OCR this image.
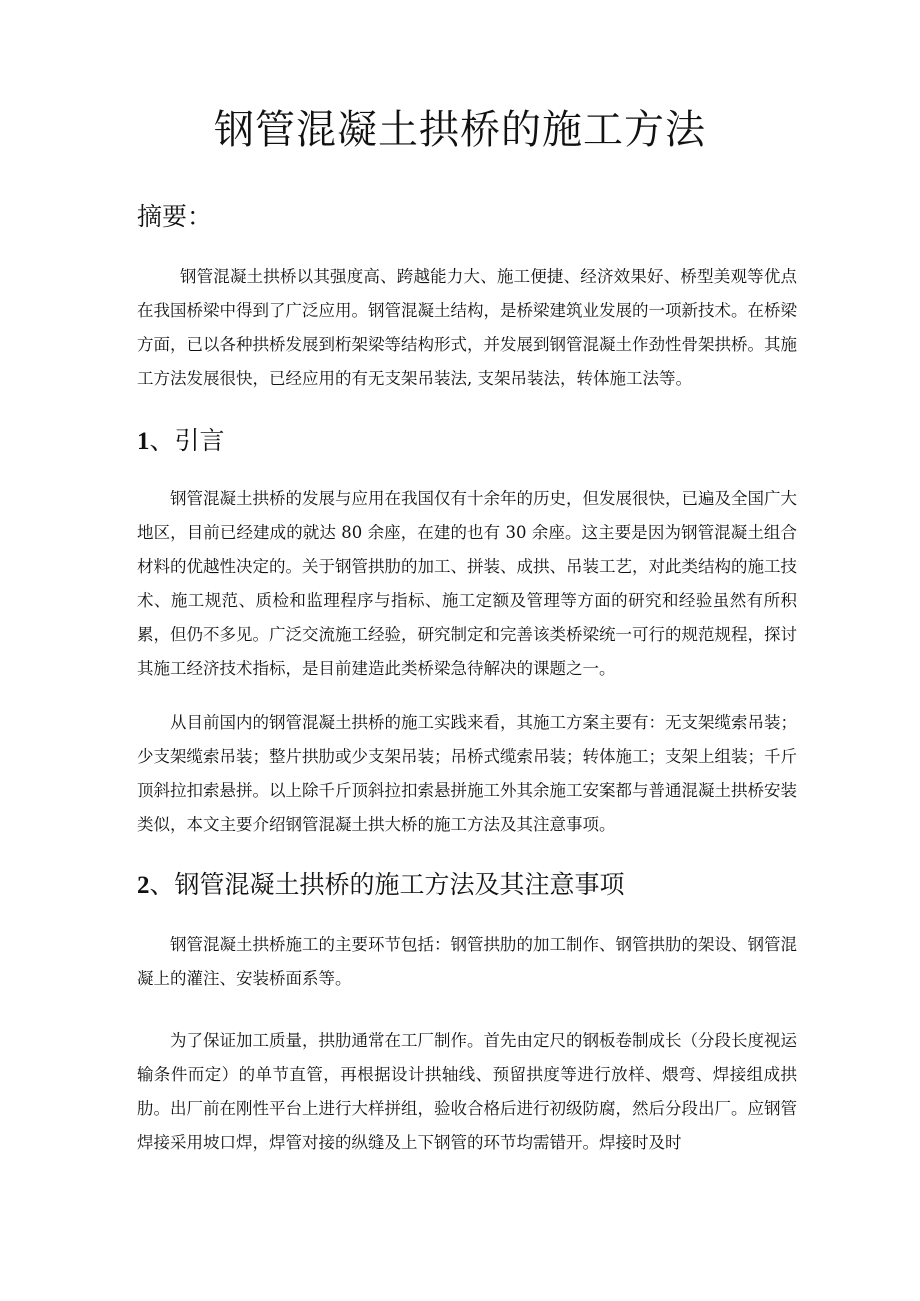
钢管混凝土拱桥的施工方法
摘要：

钢管混凝土拱桥以其强度高、跨越能力大、施工便捷、经济效果好、桥型美观等优点在我国桥梁中得到了广泛应用。钢管混凝土结构，是桥梁建筑业发展的一项新技术。在桥梁方面，已以各种拱桥发展到桁架梁等结构形式，并发展到钢管混凝土作劲性骨架拱桥。其施工方法发展很快，已经应用的有无支架吊装法, 支架吊装法，转体施工法等。

1、引言

钢管混凝土拱桥的发展与应用在我国仅有十余年的历史，但发展很快，已遍及全国广大地区，目前已经建成的就达 80 余座，在建的也有 30 余座。这主要是因为钢管混凝土组合材料的优越性决定的。关于钢管拱肋的加工、拼装、成拱、吊装工艺，对此类结构的施工技术、施工规范、质检和监理程序与指标、施工定额及管理等方面的研究和经验虽然有所积累，但仍不多见。广泛交流施工经验，研究制定和完善该类桥梁统一可行的规范规程，探讨其施工经济技术指标，是目前建造此类桥梁急待解决的课题之一。

从目前国内的钢管混凝土拱桥的施工实践来看，其施工方案主要有：无支架缆索吊装；少支架缆索吊装；整片拱肋或少支架吊装；吊桥式缆索吊装；转体施工；支架上组装；千斤顶斜拉扣索悬拼。以上除千斤顶斜拉扣索悬拼施工外其余施工安案都与普通混凝土拱桥安装类似，本文主要介绍钢管混凝土拱大桥的施工方法及其注意事项。

2、钢管混凝土拱桥的施工方法及其注意事项

钢管混凝土拱桥施工的主要环节包括：钢管拱肋的加工制作、钢管拱肋的架设、钢管混凝上的灌注、安装桥面系等。

为了保证加工质量，拱肋通常在工厂制作。首先由定尺的钢板卷制成长（分段长度视运输条件而定）的单节直管，再根据设计拱轴线、预留拱度等进行放样、煨弯、焊接组成拱肋。出厂前在刚性平台上进行大样拼组，验收合格后进行初级防腐，然后分段出厂。应钢管焊接采用坡口焊，焊管对接的纵缝及上下钢管的环节均需错开。焊接时及时
